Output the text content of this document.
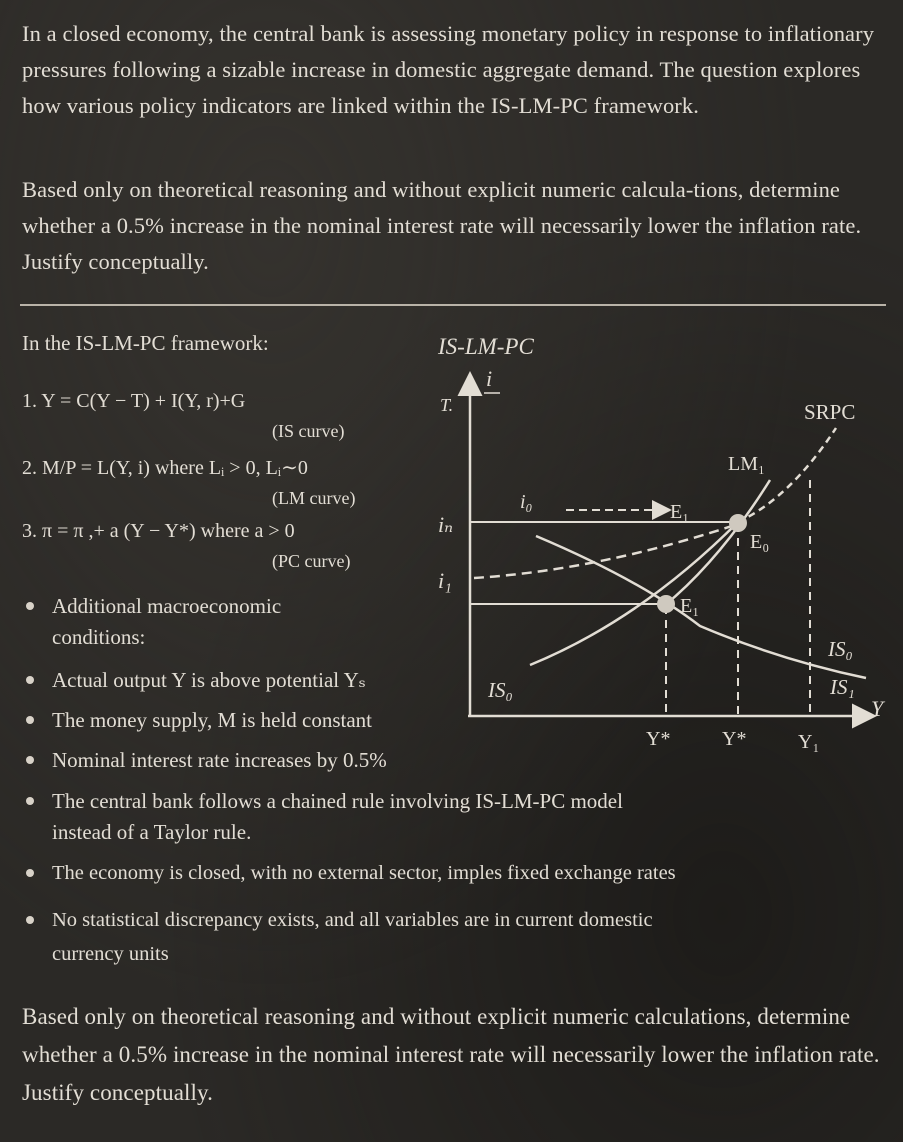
In a closed economy, the central bank is assessing monetary policy in response to inflationary pressures following a sizable increase in domestic aggregate demand. The question explores how various policy indicators are linked within the IS-LM-PC framework.

Based only on theoretical reasoning and without explicit numeric calcula-tions, determine whether a 0.5% increase in the nominal interest rate will necessarily lower the inflation rate. Justify conceptually.

In the IS-LM-PC framework:
1. Y = C(Y − T) + I(Y, r)+G
(IS curve)
2. M/P = L(Y, i) where Lᵢ > 0, Lᵢ∼0
(LM curve)
3. π = π ,+ a (Y − Y*) where a > 0
(PC curve)
Additional macroeconomic
conditions:
Actual output Y is above potential Yₛ
The money supply, M is held constant
Nominal interest rate increases by 0.5%
The central bank follows a chained rule involving IS-LM-PC model
instead of a Taylor rule.
The economy is closed, with no external sector, imples fixed exchange rates
No statistical discrepancy exists, and all variables are in current domestic
currency units
IS-LM-PC
i
T.
Y
iₙ
i₁
i₀	E₁
SRPC
LM₁
IS₀
IS₁
IS₀
E₀
E₁
Y*	Y*	Y₁

Based only on theoretical reasoning and without explicit numeric calculations, determine whether a 0.5% increase in the nominal interest rate will necessarily lower the inflation rate. Justify conceptually.
